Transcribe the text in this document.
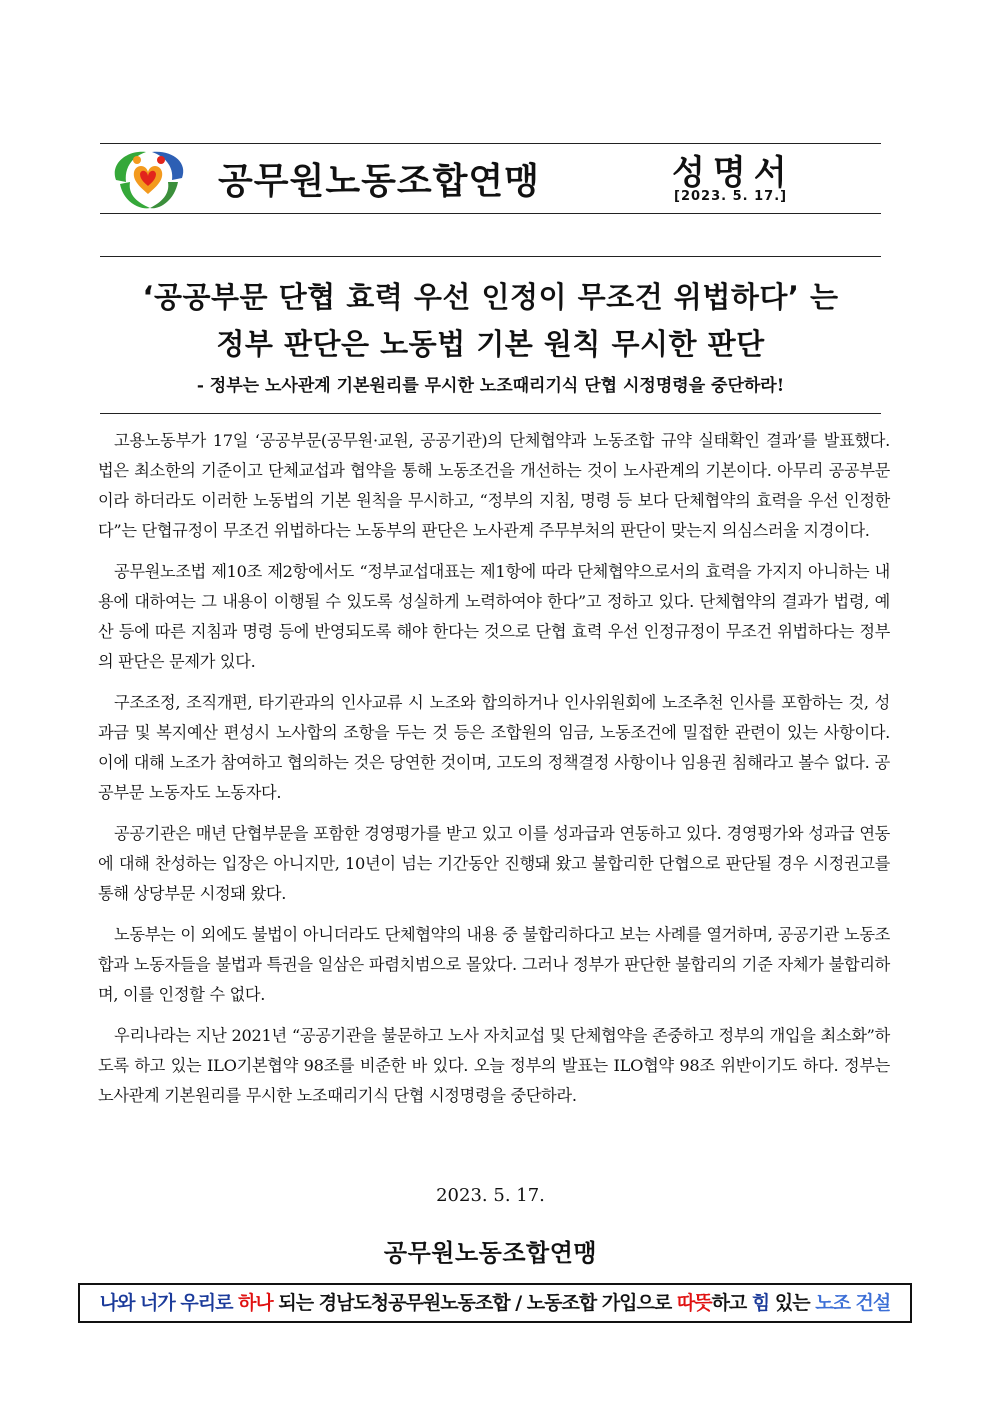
공무원노동조합연맹	성명서
[2023. 5. 17.]
‘공공부문 단협 효력 우선 인정이 무조건 위법하다’ 는
정부 판단은 노동법 기본 원칙 무시한 판단
- 정부는 노사관계 기본원리를 무시한 노조때리기식 단협 시정명령을 중단하라!

고용노동부가 17일 ‘공공부문(공무원·교원, 공공기관)의 단체협약과 노동조합 규약 실태확인 결과’를 발표했다. 법은 최소한의 기준이고 단체교섭과 협약을 통해 노동조건을 개선하는 것이 노사관계의 기본이다. 아무리 공공부문이라 하더라도 이러한 노동법의 기본 원칙을 무시하고, “정부의 지침, 명령 등 보다 단체협약의 효력을 우선 인정한다”는 단협규정이 무조건 위법하다는 노동부의 판단은 노사관계 주무부처의 판단이 맞는지 의심스러울 지경이다.

공무원노조법 제10조 제2항에서도 “정부교섭대표는 제1항에 따라 단체협약으로서의 효력을 가지지 아니하는 내용에 대하여는 그 내용이 이행될 수 있도록 성실하게 노력하여야 한다”고 정하고 있다. 단체협약의 결과가 법령, 예산 등에 따른 지침과 명령 등에 반영되도록 해야 한다는 것으로 단협 효력 우선 인정규정이 무조건 위법하다는 정부의 판단은 문제가 있다.

구조조정, 조직개편, 타기관과의 인사교류 시 노조와 합의하거나 인사위원회에 노조추천 인사를 포함하는 것, 성과금 및 복지예산 편성시 노사합의 조항을 두는 것 등은 조합원의 임금, 노동조건에 밀접한 관련이 있는 사항이다. 이에 대해 노조가 참여하고 협의하는 것은 당연한 것이며, 고도의 정책결정 사항이나 임용권 침해라고 볼수 없다. 공공부문 노동자도 노동자다.

공공기관은 매년 단협부문을 포함한 경영평가를 받고 있고 이를 성과급과 연동하고 있다. 경영평가와 성과급 연동에 대해 찬성하는 입장은 아니지만, 10년이 넘는 기간동안 진행돼 왔고 불합리한 단협으로 판단될 경우 시정권고를 통해 상당부문 시정돼 왔다.

노동부는 이 외에도 불법이 아니더라도 단체협약의 내용 중 불합리하다고 보는 사례를 열거하며, 공공기관 노동조합과 노동자들을 불법과 특권을 일삼은 파렴치범으로 몰았다. 그러나 정부가 판단한 불합리의 기준 자체가 불합리하며, 이를 인정할 수 없다.

우리나라는 지난 2021년 “공공기관을 불문하고 노사 자치교섭 및 단체협약을 존중하고 정부의 개입을 최소화”하도록 하고 있는 ILO기본협약 98조를 비준한 바 있다. 오늘 정부의 발표는 ILO협약 98조 위반이기도 하다. 정부는 노사관계 기본원리를 무시한 노조때리기식 단협 시정명령을 중단하라.

2023. 5. 17.
공무원노동조합연맹
나와 너가 우리로 하나 되는 경남도청공무원노동조합 / 노동조합 가입으로 따뜻하고 힘 있는 노조 건설
